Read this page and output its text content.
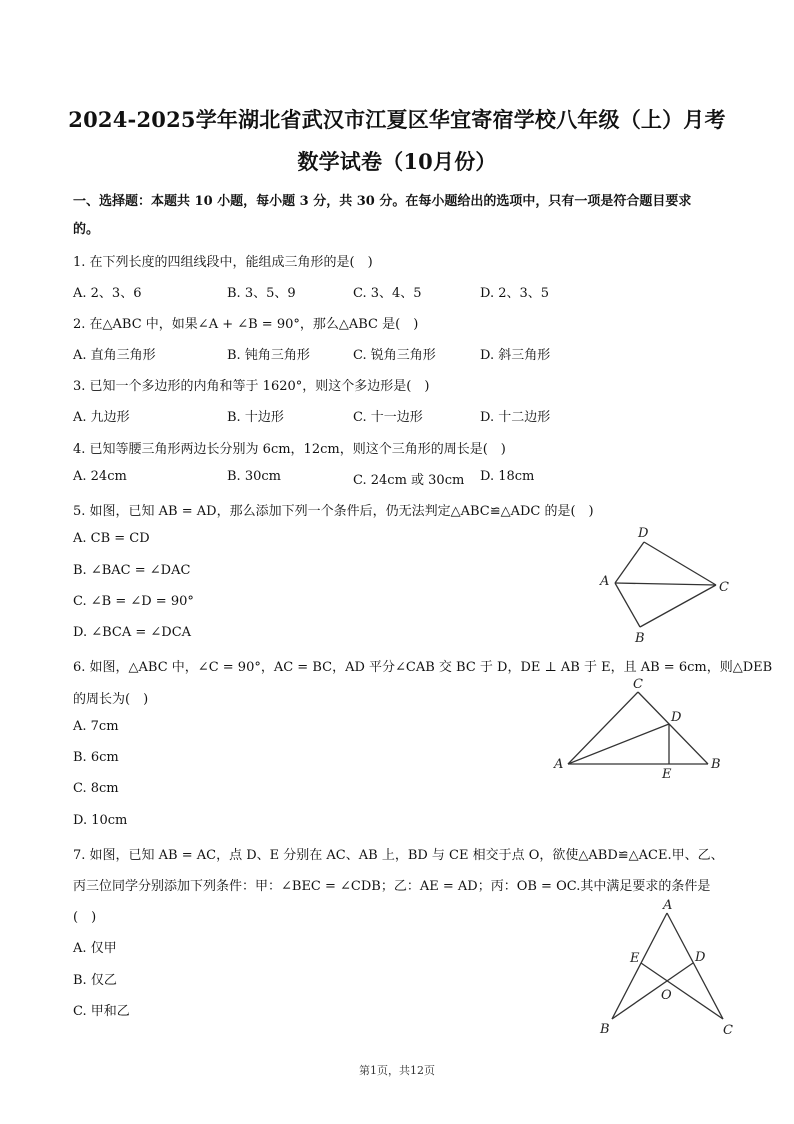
2024-2025学年湖北省武汉市江夏区华宜寄宿学校八年级（上）月考
数学试卷（10月份）
一、选择题：本题共 10 小题，每小题 3 分，共 30 分。在每小题给出的选项中，只有一项是符合题目要求
的。
1. 在下列长度的四组线段中，能组成三角形的是(　)
A. 2、3、6	B. 3、5、9	C. 3、4、5	D. 2、3、5
2. 在△ABC 中，如果∠A + ∠B = 90°，那么△ABC 是(　)
A. 直角三角形	B. 钝角三角形	C. 锐角三角形	D. 斜三角形
3. 已知一个多边形的内角和等于 1620°，则这个多边形是(　)
A. 九边形	B. 十边形	C. 十一边形	D. 十二边形
4. 已知等腰三角形两边长分别为 6cm，12cm，则这个三角形的周长是(　)
A. 24cm	B. 30cm	C. 24cm 或 30cm D. 18cm
5. 如图，已知 AB = AD，那么添加下列一个条件后，仍无法判定△ABC≌△ADC 的是(　)
A. CB = CD
B. ∠BAC = ∠DAC
C. ∠B = ∠D = 90°
D. ∠BCA = ∠DCA
D
A	C
B
6. 如图，△ABC 中，∠C = 90°，AC = BC，AD 平分∠CAB 交 BC 于 D，DE ⊥ AB 于 E，且 AB = 6cm，则△DEB
的周长为(　)
A. 7cm
B. 6cm
C. 8cm
D. 10cm
C
D
A
E
B
7. 如图，已知 AB = AC，点 D、E 分别在 AC、AB 上，BD 与 CE 相交于点 O，欲使△ABD≌△ACE.甲、乙、
丙三位同学分别添加下列条件：甲：∠BEC = ∠CDB；乙：AE = AD；丙：OB = OC.其中满足要求的条件是
(　)
A. 仅甲
B. 仅乙
C. 甲和乙
A
E	D
O
B	C
第1页，共12页
